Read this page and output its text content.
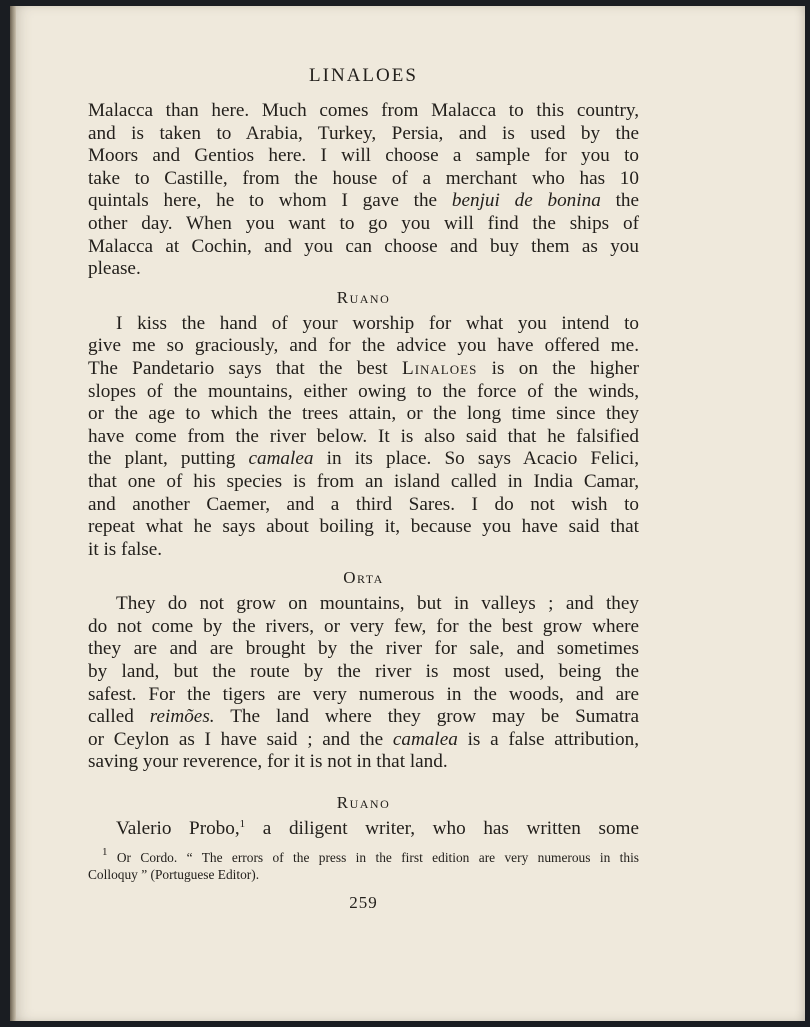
LINALOES

Malacca than here. Much comes from Malacca to this country,
and is taken to Arabia, Turkey, Persia, and is used by the
Moors and Gentios here. I will choose a sample for you to
take to Castille, from the house of a merchant who has 10
quintals here, he to whom I gave the benjui de bonina the
other day. When you want to go you will find the ships of
Malacca at Cochin, and you can choose and buy them as you
please.

Ruano

I kiss the hand of your worship for what you intend to
give me so graciously, and for the advice you have offered me.
The Pandetario says that the best Linaloes is on the higher
slopes of the mountains, either owing to the force of the winds,
or the age to which the trees attain, or the long time since they
have come from the river below. It is also said that he falsified
the plant, putting camalea in its place. So says Acacio Felici,
that one of his species is from an island called in India Camar,
and another Caemer, and a third Sares. I do not wish to
repeat what he says about boiling it, because you have said that
it is false.

Orta

They do not grow on mountains, but in valleys ; and they
do not come by the rivers, or very few, for the best grow where
they are and are brought by the river for sale, and sometimes
by land, but the route by the river is most used, being the
safest. For the tigers are very numerous in the woods, and are
called reimões. The land where they grow may be Sumatra
or Ceylon as I have said ; and the camalea is a false attribution,
saving your reverence, for it is not in that land.

Ruano

Valerio Probo,$^1$ a diligent writer, who has written some

$^1$ Or Cordo. “ The errors of the press in the first edition are very numerous in this
Colloquy ” (Portuguese Editor).
259
